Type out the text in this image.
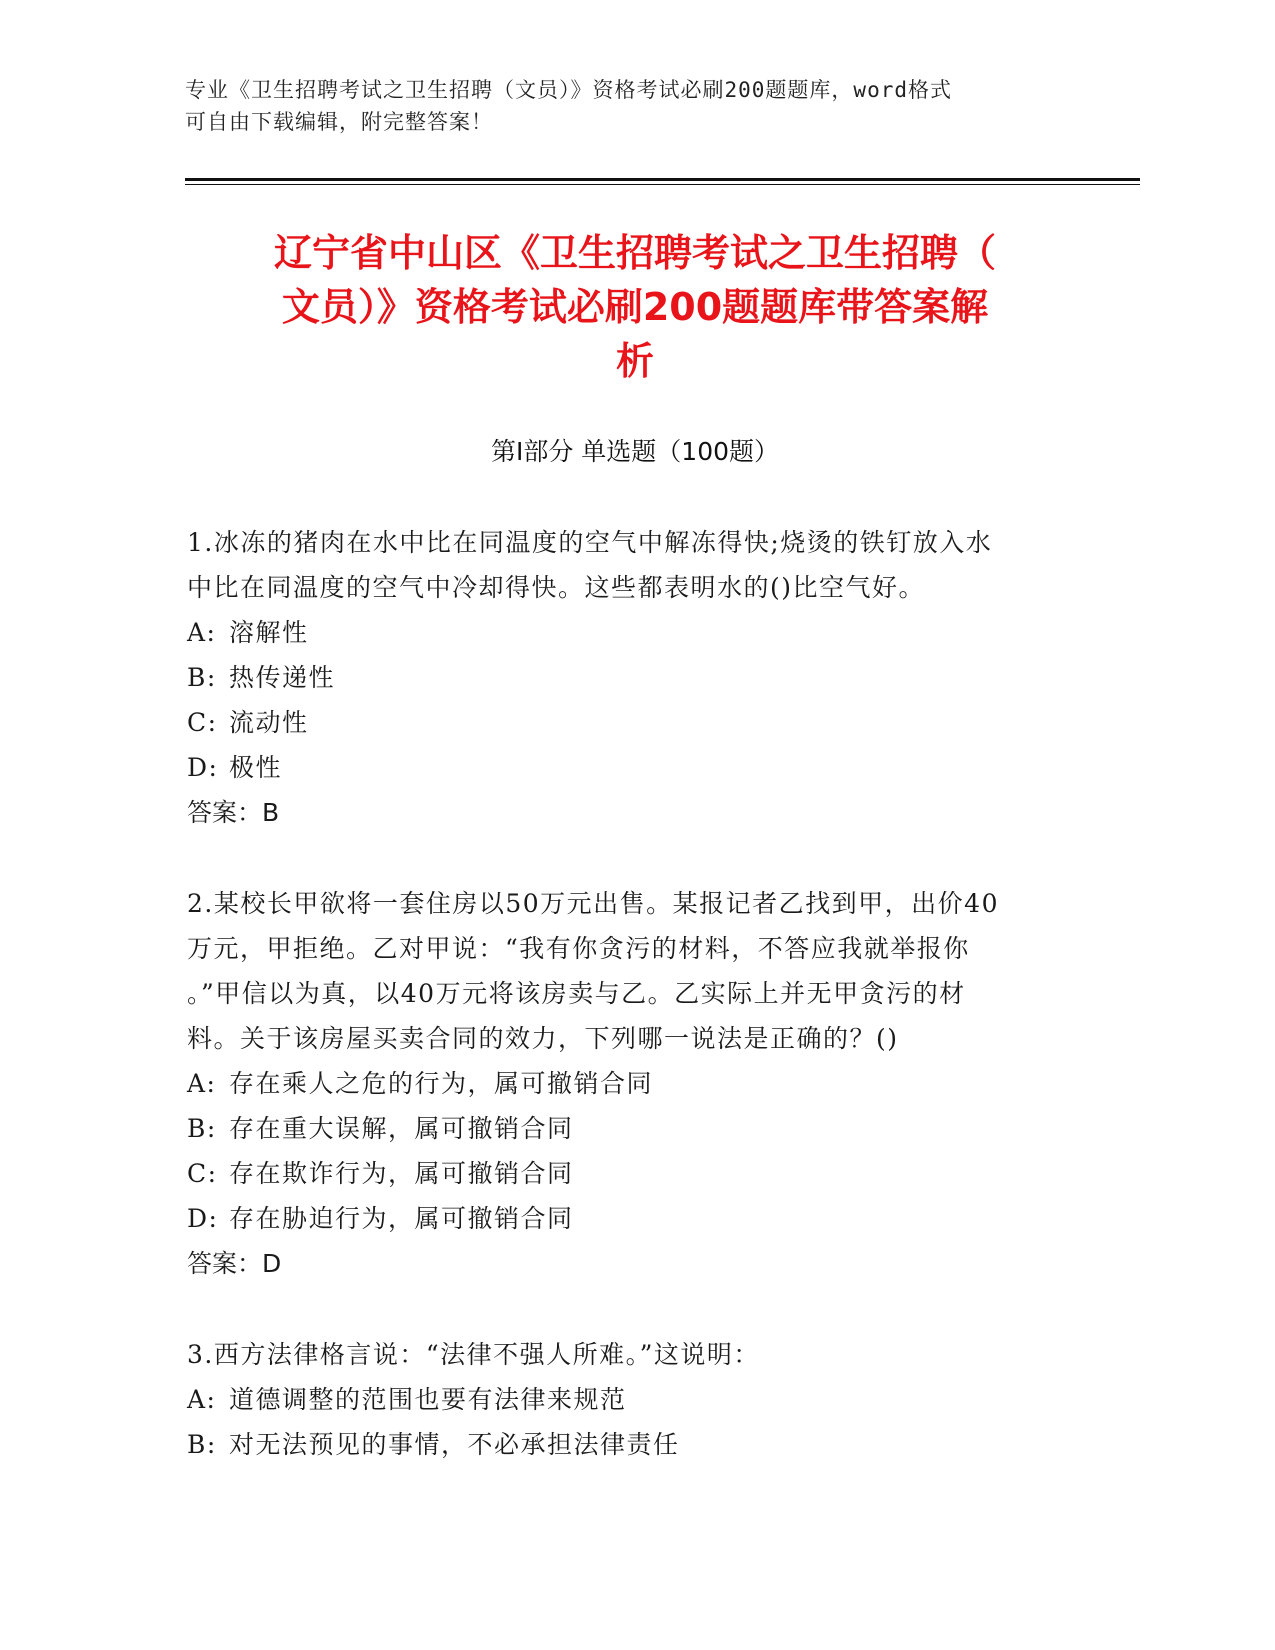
专业《卫生招聘考试之卫生招聘（文员）》资格考试必刷200题题库，word格式
可自由下载编辑，附完整答案！
辽宁省中山区《卫生招聘考试之卫生招聘（
文员）》资格考试必刷200题题库带答案解
析
第Ⅰ部分 单选题（100题）

1.冰冻的猪肉在水中比在同温度的空气中解冻得快;烧烫的铁钉放入水

中比在同温度的空气中冷却得快。这些都表明水的()比空气好。

A: 溶解性

B: 热传递性

C: 流动性

D: 极性

答案：B

2.某校长甲欲将一套住房以50万元出售。某报记者乙找到甲，出价40

万元，甲拒绝。乙对甲说：“我有你贪污的材料，不答应我就举报你

。”甲信以为真，以40万元将该房卖与乙。乙实际上并无甲贪污的材

料。关于该房屋买卖合同的效力，下列哪一说法是正确的？()

A: 存在乘人之危的行为，属可撤销合同

B: 存在重大误解，属可撤销合同

C: 存在欺诈行为，属可撤销合同

D: 存在胁迫行为，属可撤销合同

答案：D

3.西方法律格言说：“法律不强人所难。”这说明：

A: 道德调整的范围也要有法律来规范

B: 对无法预见的事情，不必承担法律责任
